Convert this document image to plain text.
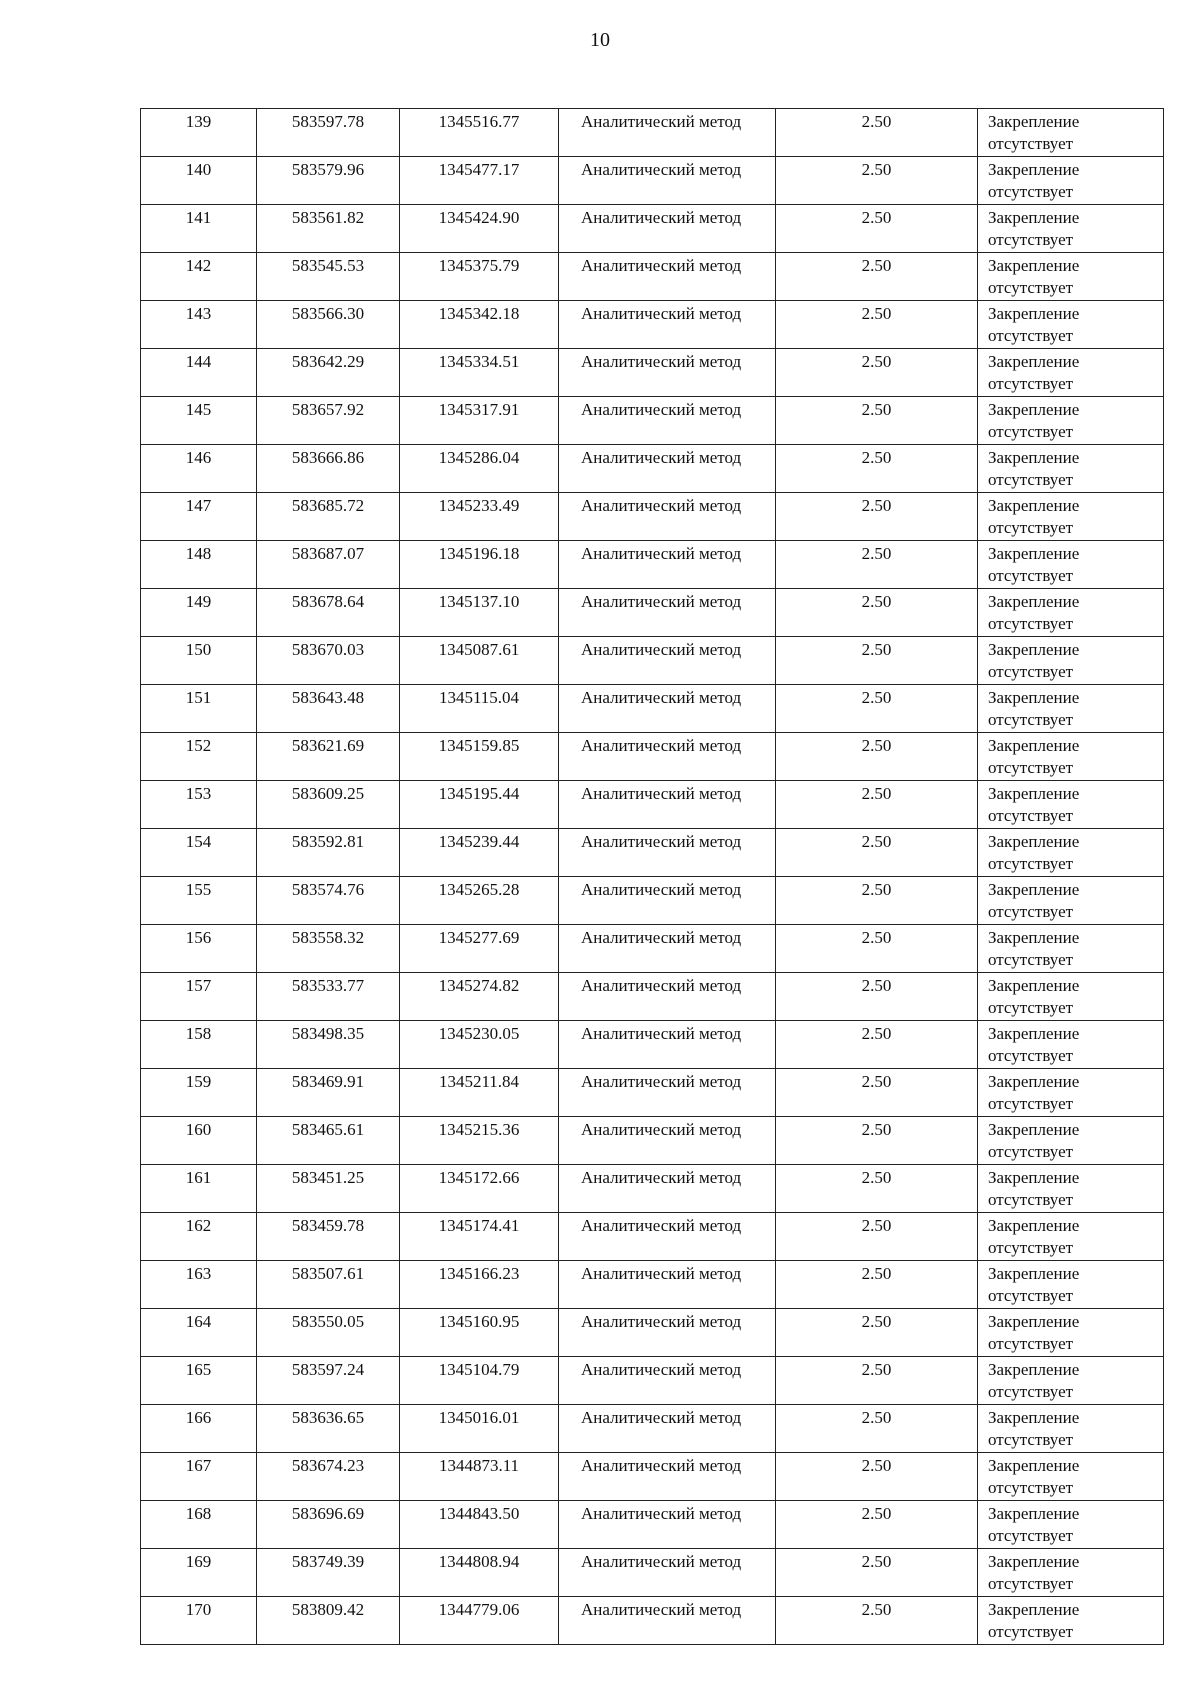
10
139	583597.78	1345516.77	Аналитический метод	2.50	Закрепление
отсутствует

140	583579.96	1345477.17	Аналитический метод	2.50	Закрепление
отсутствует

141	583561.82	1345424.90	Аналитический метод	2.50	Закрепление
отсутствует

142	583545.53	1345375.79	Аналитический метод	2.50	Закрепление
отсутствует

143	583566.30	1345342.18	Аналитический метод	2.50	Закрепление
отсутствует

144	583642.29	1345334.51	Аналитический метод	2.50	Закрепление
отсутствует

145	583657.92	1345317.91	Аналитический метод	2.50	Закрепление
отсутствует

146	583666.86	1345286.04	Аналитический метод	2.50	Закрепление
отсутствует

147	583685.72	1345233.49	Аналитический метод	2.50	Закрепление
отсутствует

148	583687.07	1345196.18	Аналитический метод	2.50	Закрепление
отсутствует

149	583678.64	1345137.10	Аналитический метод	2.50	Закрепление
отсутствует

150	583670.03	1345087.61	Аналитический метод	2.50	Закрепление
отсутствует

151	583643.48	1345115.04	Аналитический метод	2.50	Закрепление
отсутствует

152	583621.69	1345159.85	Аналитический метод	2.50	Закрепление
отсутствует

153	583609.25	1345195.44	Аналитический метод	2.50	Закрепление
отсутствует

154	583592.81	1345239.44	Аналитический метод	2.50	Закрепление
отсутствует

155	583574.76	1345265.28	Аналитический метод	2.50	Закрепление
отсутствует

156	583558.32	1345277.69	Аналитический метод	2.50	Закрепление
отсутствует

157	583533.77	1345274.82	Аналитический метод	2.50	Закрепление
отсутствует

158	583498.35	1345230.05	Аналитический метод	2.50	Закрепление
отсутствует

159	583469.91	1345211.84	Аналитический метод	2.50	Закрепление
отсутствует

160	583465.61	1345215.36	Аналитический метод	2.50	Закрепление
отсутствует

161	583451.25	1345172.66	Аналитический метод	2.50	Закрепление
отсутствует

162	583459.78	1345174.41	Аналитический метод	2.50	Закрепление
отсутствует

163	583507.61	1345166.23	Аналитический метод	2.50	Закрепление
отсутствует

164	583550.05	1345160.95	Аналитический метод	2.50	Закрепление
отсутствует

165	583597.24	1345104.79	Аналитический метод	2.50	Закрепление
отсутствует

166	583636.65	1345016.01	Аналитический метод	2.50	Закрепление
отсутствует

167	583674.23	1344873.11	Аналитический метод	2.50	Закрепление
отсутствует

168	583696.69	1344843.50	Аналитический метод	2.50	Закрепление
отсутствует

169	583749.39	1344808.94	Аналитический метод	2.50	Закрепление
отсутствует

170	583809.42	1344779.06	Аналитический метод	2.50	Закрепление
отсутствует
